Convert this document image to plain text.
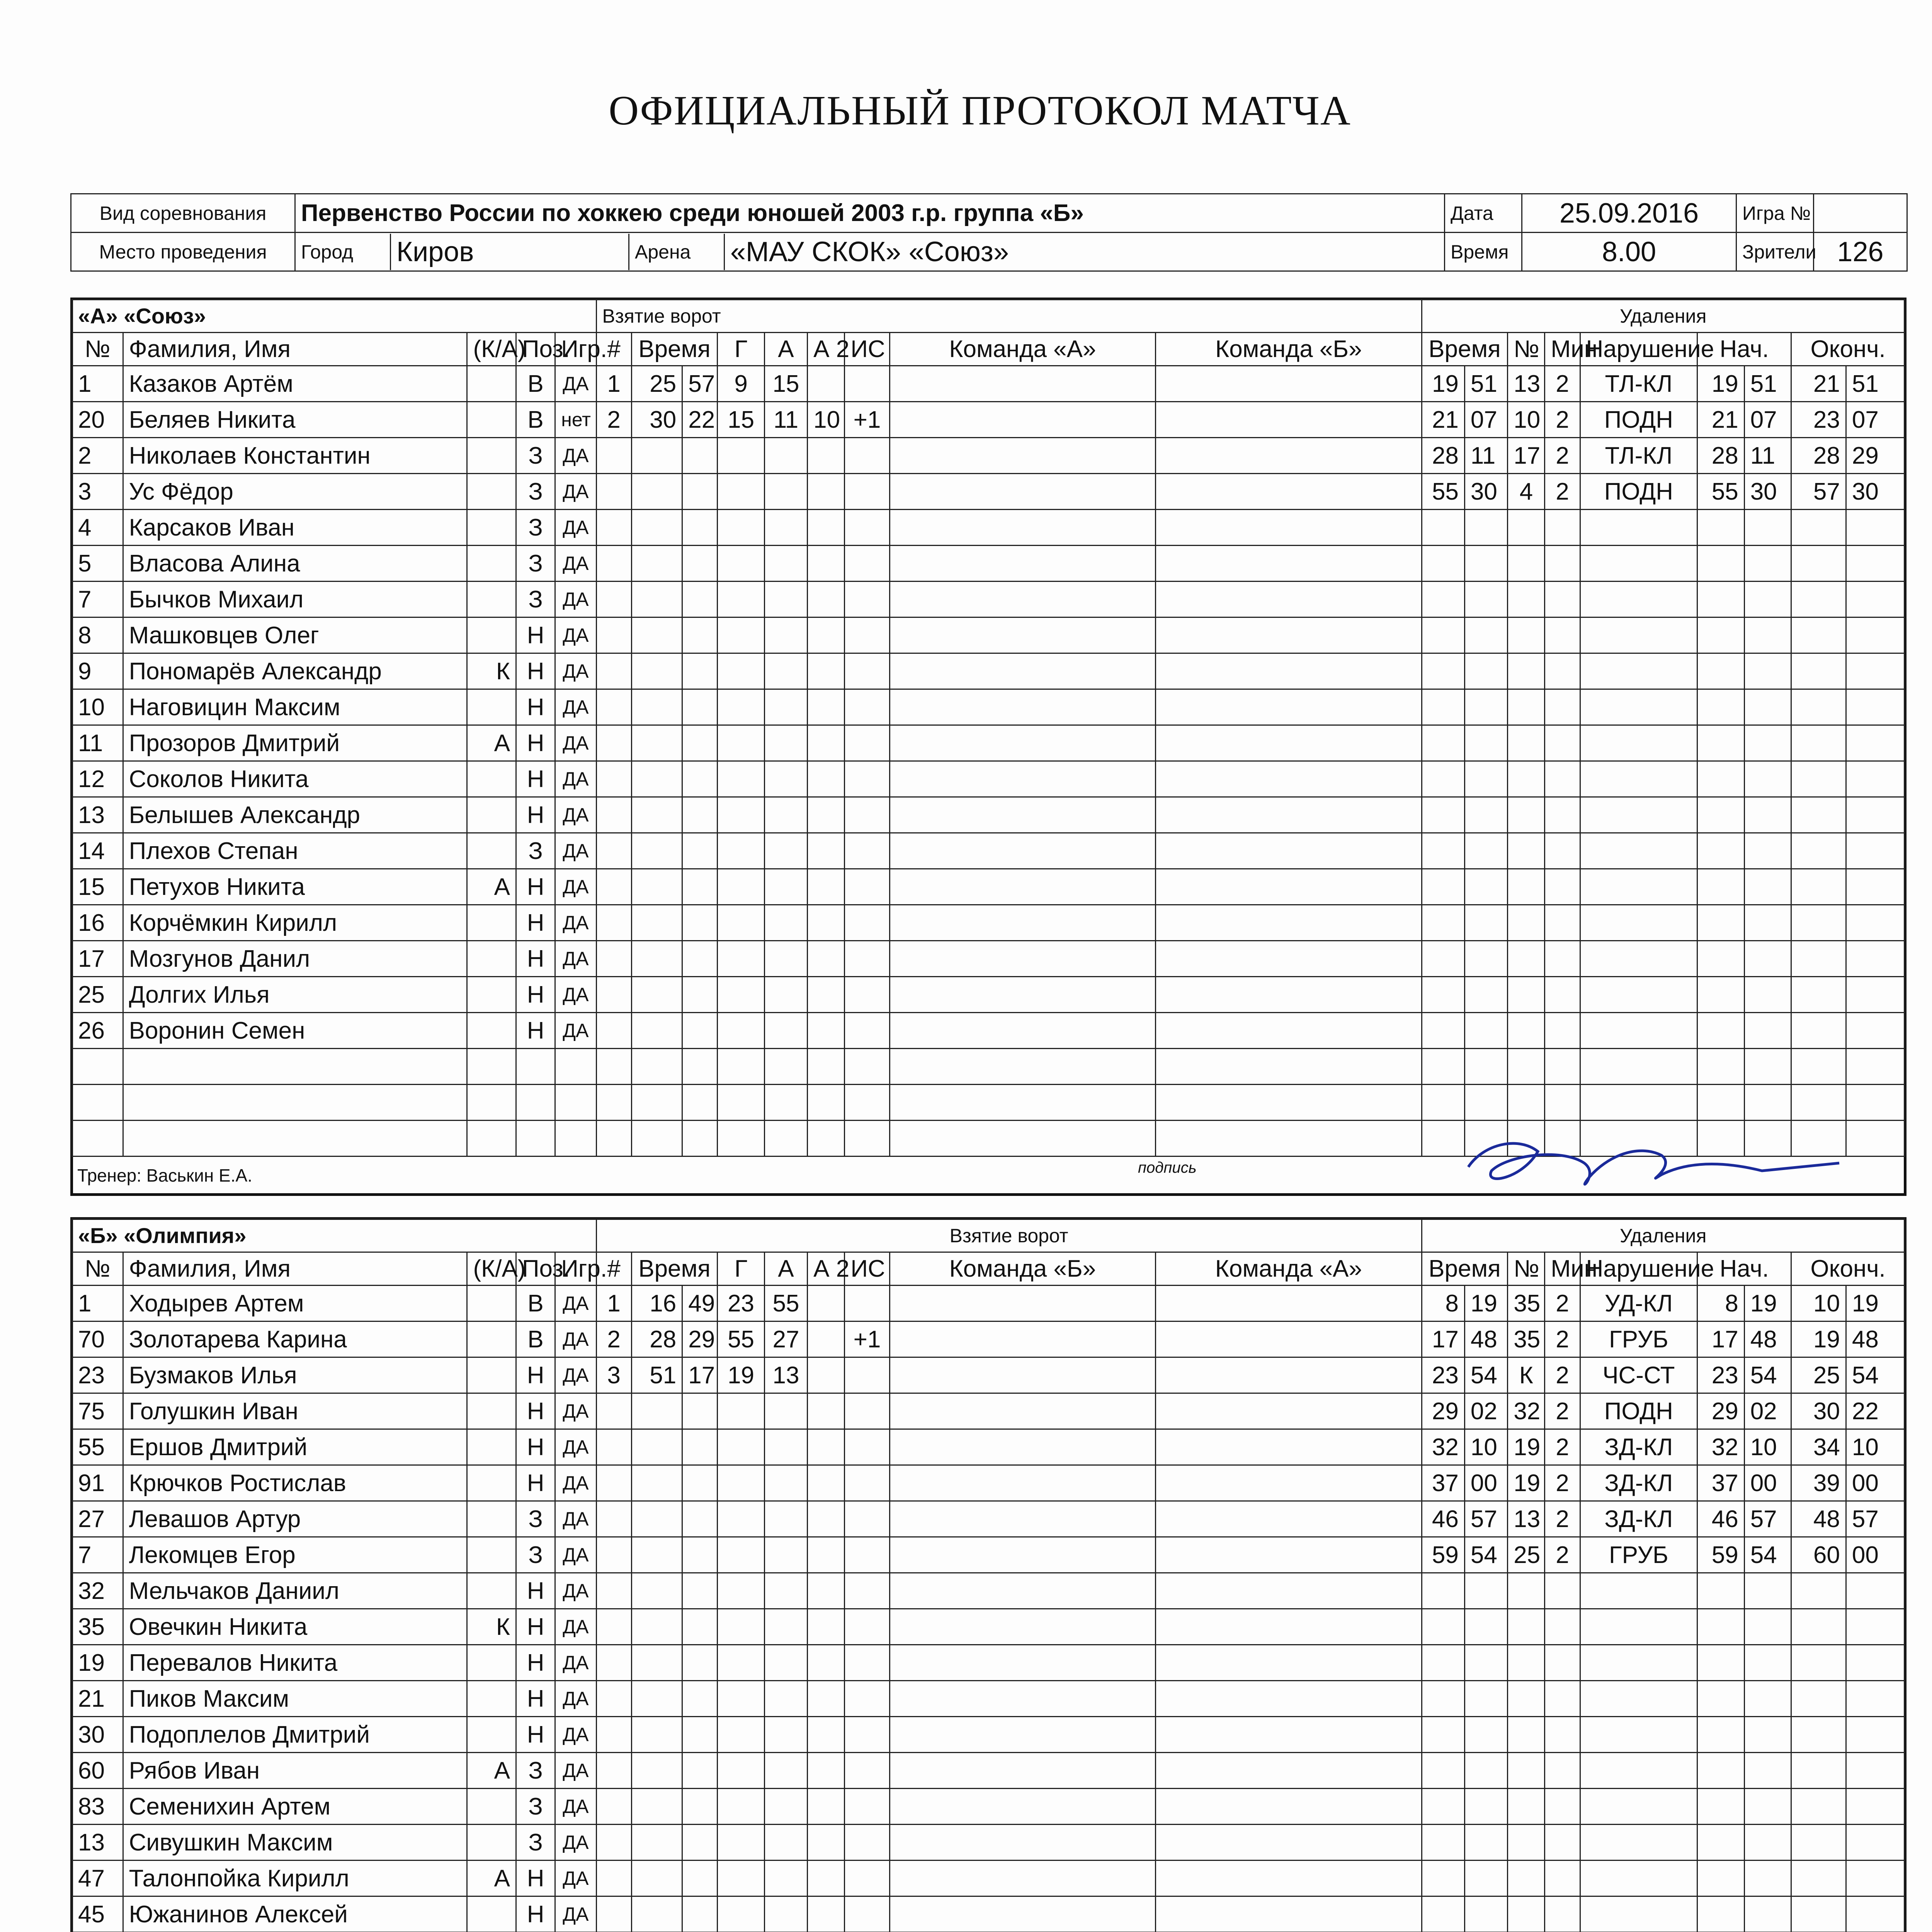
ОФИЦИАЛЬНЫЙ ПРОТОКОЛ МАТЧА
Вид соревнования	Первенство России по хоккею среди юношей 2003 г.р. группа «Б»	Дата	25.09.2016	Игра №	
Место проведения	Город Киров Арена «МАУ СКОК» «Союз»	Время	8.00	Зрители	126
«А» «Союз»					Взятие ворот									Удаления								
№	Фамилия, Имя	(К/А)	Поз.	Игр.	#	Время		Г	А	А 2	ИС	Команда «А»	Команда «Б»	Время		№	Мин	Нарушение	Нач.		Оконч.	
1	Казаков Артём		В	ДА	1	25	57	9	15					19	51	13	2	ТЛ-КЛ	19	51	21	51
20	Беляев Никита		В	нет	2	30	22	15	11	10	+1			21	07	10	2	ПОДН	21	07	23	07
2	Николаев Константин		З	ДА										28	11	17	2	ТЛ-КЛ	28	11	28	29
3	Ус Фёдор		З	ДА										55	30	4	2	ПОДН	55	30	57	30
4	Карсаков Иван		З	ДА																		
5	Власова Алина		З	ДА																		
7	Бычков Михаил		З	ДА																		
8	Машковцев Олег		Н	ДА																		
9	Пономарёв Александр	К	Н	ДА																		
10	Наговицин Максим		Н	ДА																		
11	Прозоров Дмитрий	А	Н	ДА																		
12	Соколов Никита		Н	ДА																		
13	Белышев Александр		Н	ДА																		
14	Плехов Степан		З	ДА																		
15	Петухов Никита	А	Н	ДА																		
16	Корчёмкин Кирилл		Н	ДА																		
17	Мозгунов Данил		Н	ДА																		
25	Долгих Илья		Н	ДА																		
26	Воронин Семен		Н	ДА																		

Тренер: Васькин Е.А.	подпись
«Б» «Олимпия»					Взятие ворот									Удаления								
№	Фамилия, Имя	(К/А)	Поз.	Игр.	#	Время		Г	А	А 2	ИС	Команда «Б»	Команда «А»	Время		№	Мин	Нарушение	Нач.		Оконч.	
1	Ходырев Артем		В	ДА	1	16	49	23	55					8	19	35	2	УД-КЛ	8	19	10	19
70	Золотарева Карина		В	ДА	2	28	29	55	27		+1			17	48	35	2	ГРУБ	17	48	19	48
23	Бузмаков Илья		Н	ДА	3	51	17	19	13					23	54	К	2	ЧС-СТ	23	54	25	54
75	Голушкин Иван		Н	ДА										29	02	32	2	ПОДН	29	02	30	22
55	Ершов Дмитрий		Н	ДА										32	10	19	2	ЗД-КЛ	32	10	34	10
91	Крючков Ростислав		Н	ДА										37	00	19	2	ЗД-КЛ	37	00	39	00
27	Левашов Артур		З	ДА										46	57	13	2	ЗД-КЛ	46	57	48	57
7	Лекомцев Егор		З	ДА										59	54	25	2	ГРУБ	59	54	60	00
32	Мельчаков Даниил		Н	ДА																		
35	Овечкин Никита	К	Н	ДА																		
19	Перевалов Никита		Н	ДА																		
21	Пиков Максим		Н	ДА																		
30	Подоплелов Дмитрий		Н	ДА																		
60	Рябов Иван	А	З	ДА																		
83	Семенихин Артем		З	ДА																		
13	Сивушкин Максим		З	ДА																		
47	Талонпойка Кирилл	А	Н	ДА																		
45	Южанинов Алексей		Н	ДА																		
